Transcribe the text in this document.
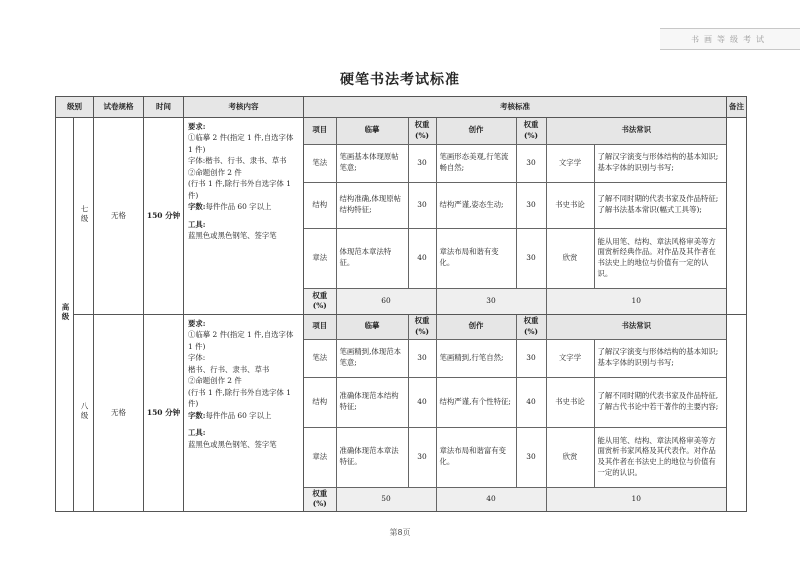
书画等级考试
硬笔书法考试标准
级别	试卷规格	时间	考核内容	考核标准	备注
高级	七级	无格	150 分钟	
要求:
①临摹 2 件(指定 1 件,自选字体 1 件)
字体:楷书、行书、隶书、草书
②命题创作 2 件
(行书 1 件,除行书外自选字体 1 件)
字数:每件作品 60 字以上
工具:
蓝黑色或黑色钢笔、签字笔

项目	临摹	权重(%)	创作	权重(%)	书法常识
笔法	笔画基本体现原帖笔意;	30	笔画形态美观,行笔流畅自然;	30	文字学	了解汉字演变与形体结构的基本知识;基本字体的识别与书写;
结构	结构准确,体现原帖结构特征;	30	结构严谨,姿态生动;	30	书史书论	了解不同时期的代表书家及作品特征;了解书法基本常识(幅式工具等);
章法	体现范本章法特征。	40	章法布局和谐有变化。	30	欣赏	能从用笔、结构、章法风格审美等方面赏析经典作品。对作品及其作者在书法史上的地位与价值有一定的认识。
权重(%)	60	30	10

八级	无格	150 分钟	
要求:
①临摹 2 件(指定 1 件,自选字体 1 件)
字体:
楷书、行书、隶书、草书
②命题创作 2 件
(行书 1 件,除行书外自选字体 1 件)
字数:每件作品 60 字以上
工具:
蓝黑色或黑色钢笔、签字笔

项目	临摹	权重(%)	创作	权重(%)	书法常识
笔法	笔画精到,体现范本笔意;	30	笔画精到,行笔自然;	30	文字学	了解汉字演变与形体结构的基本知识;基本字体的识别与书写;
结构	准确体现范本结构特征;	40	结构严谨,有个性特征;	40	书史书论	了解不同时期的代表书家及作品特征,了解古代书论中若干著作的主要内容;
章法	准确体现范本章法特征。	30	章法布局和谐富有变化。	30	欣赏	能从用笔、结构、章法风格审美等方面赏析书家风格及其代表作。对作品及其作者在书法史上的地位与价值有一定的认识。
权重(%)	50	40	10

第8页
